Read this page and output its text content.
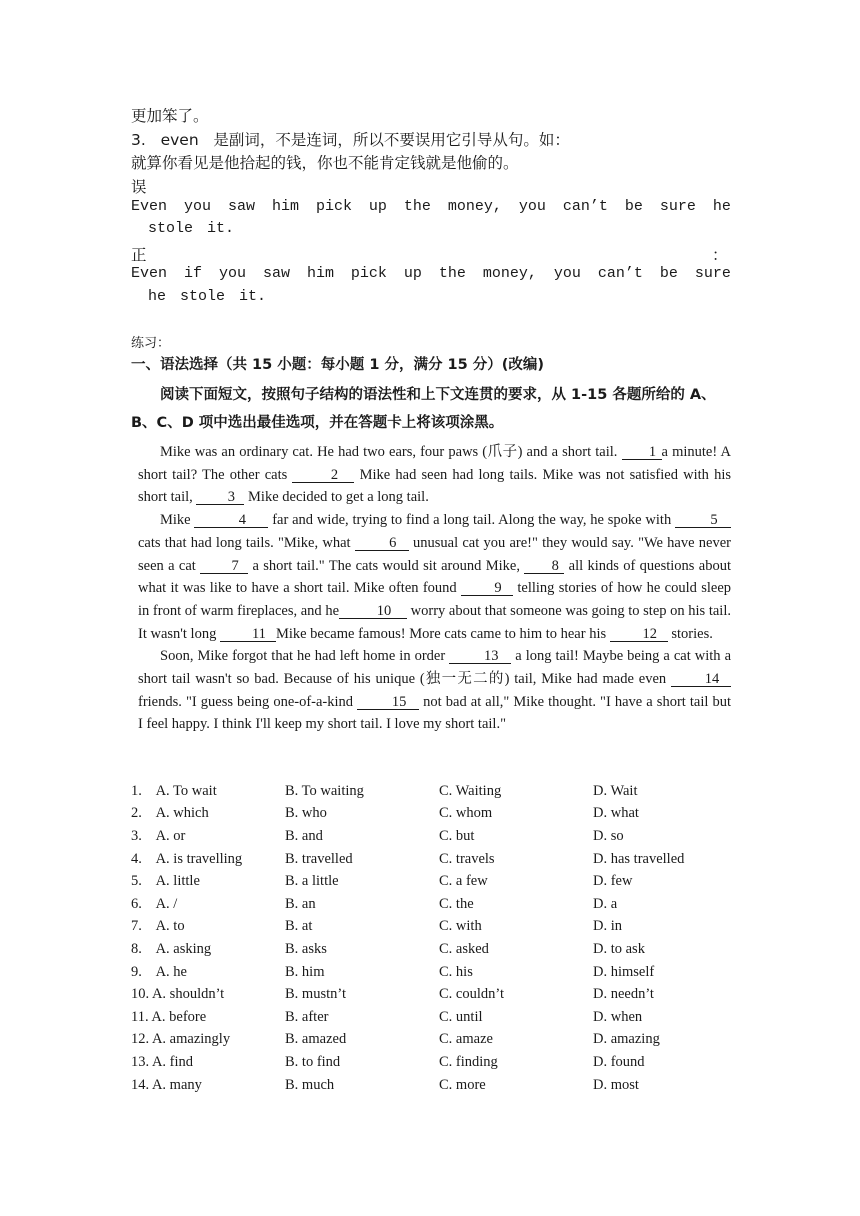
更加笨了。
3.   even   是副词，不是连词，所以不要误用它引导从句。如：
就算你看见是他拾起的钱，你也不能肯定钱就是他偷的。
误
Even you saw him pick up the money, you can’t be sure he
stole it.
正	：
Even if you saw him pick up the money, you can’t be sure
he stole it.
练习：
一、语法选择（共 15 小题：每小题 1 分，满分 15 分）(改编)
阅读下面短文，按照句子结构的语法性和上下文连贯的要求，从 1-15 各题所给的 A、
B、C、D 项中选出最佳选项，并在答题卡上将该项涂黑。

Mike was an ordinary cat. He had two ears, four paws (爪子) and a short tail. 1 a minute! A short tail? The other cats	2 Mike had seen had long tails. Mike was not satisfied with his short tail, 3 Mike decided to get a long tail.

Mike	4 far and wide, trying to find a long tail. Along the way, he spoke with 5 cats that had long tails. "Mike, what 6 unusual cat you are!" they would say. "We have never seen a cat 7 a short tail." The cats would sit around Mike, 8 all kinds of questions about what it was like to have a short tail. Mike often found 9 telling stories of how he could sleep in front of warm fireplaces, and he	10 worry about that someone was going to step on his tail. It wasn't long 11 Mike became famous! More cats came to him to hear his 12 stories.

Soon, Mike forgot that he had left home in order 13 a long tail! Maybe being a cat with a short tail wasn't so bad. Because of his unique (独一无二的) tail, Mike had made even 14friends. "I guess being one-of-a-kind 15 not bad at all," Mike thought. "I have a short tail but I feel happy. I think I'll keep my short tail. I love my short tail."

1.    A. To wait	B. To waiting	C. Waiting	D. Wait
2.    A. which	B. who	C. whom	D. what
3.    A. or	B. and	C. but	D. so
4.    A. is travelling	B. travelled	C. travels	D. has travelled
5.    A. little	B. a little	C. a few	D. few
6.    A. /	B. an	C. the	D. a
7.    A. to	B. at	C. with	D. in
8.    A. asking	B. asks	C. asked	D. to ask
9.    A. he	B. him	C. his	D. himself
10. A. shouldn’t	B. mustn’t	C. couldn’t	D. needn’t
11. A. before	B. after	C. until	D. when
12. A. amazingly	B. amazed	C. amaze	D. amazing
13. A. find	B. to find	C. finding	D. found
14. A. many	B. much	C. more	D. most
